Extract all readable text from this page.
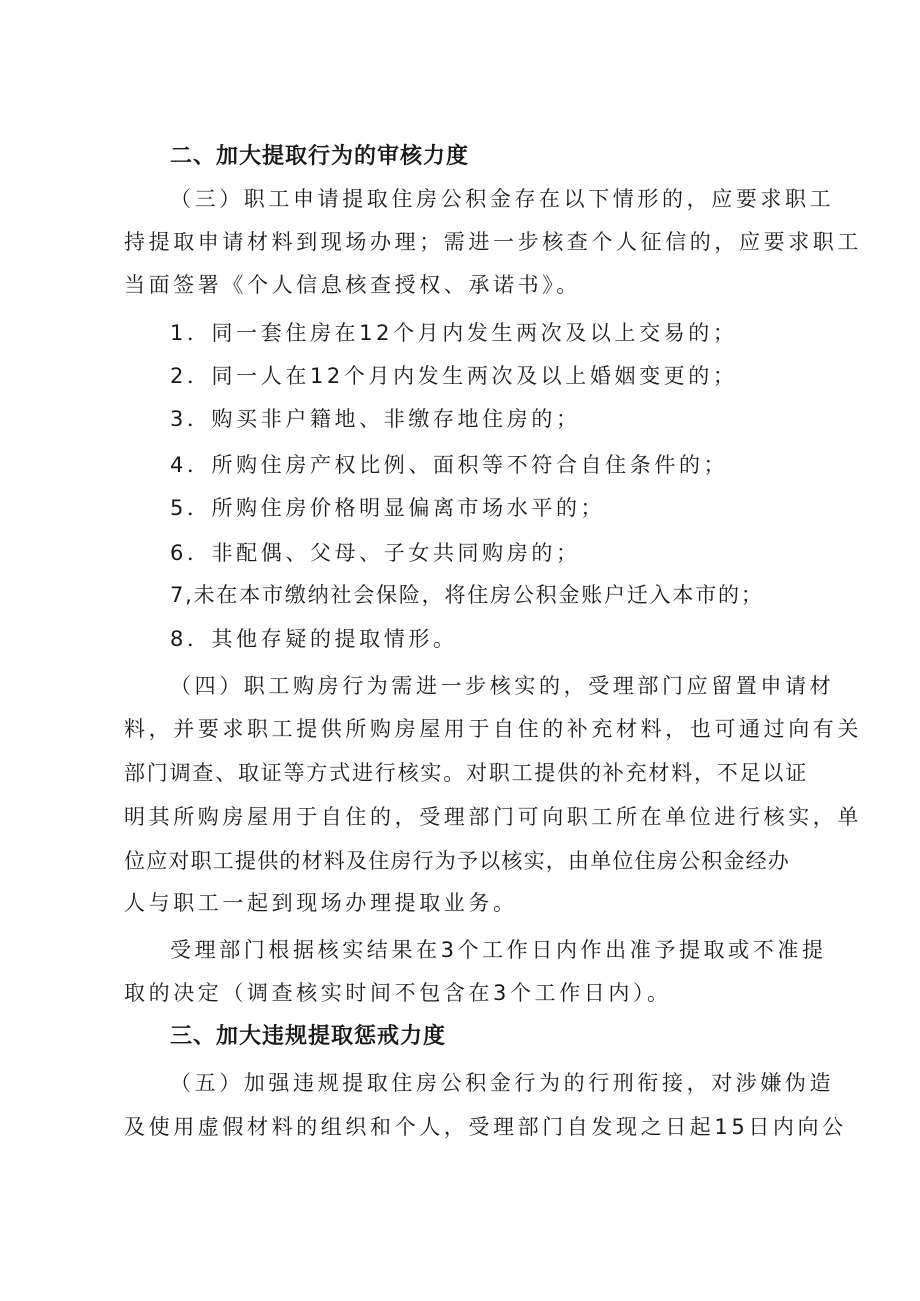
二、加大提取行为的审核力度
（三）职工申请提取住房公积金存在以下情形的，应要求职工
持提取申请材料到现场办理；需进一步核查个人征信的，应要求职工
当面签署《个人信息核查授权、承诺书》。
1．同一套住房在12个月内发生两次及以上交易的；
2．同一人在12个月内发生两次及以上婚姻变更的；
3．购买非户籍地、非缴存地住房的；
4．所购住房产权比例、面积等不符合自住条件的；
5．所购住房价格明显偏离市场水平的；
6．非配偶、父母、子女共同购房的；
7,未在本市缴纳社会保险，将住房公积金账户迁入本市的；
8．其他存疑的提取情形。
（四）职工购房行为需进一步核实的，受理部门应留置申请材
料，并要求职工提供所购房屋用于自住的补充材料，也可通过向有关
部门调查、取证等方式进行核实。对职工提供的补充材料，不足以证
明其所购房屋用于自住的，受理部门可向职工所在单位进行核实，单
位应对职工提供的材料及住房行为予以核实，由单位住房公积金经办
人与职工一起到现场办理提取业务。
受理部门根据核实结果在3个工作日内作出准予提取或不准提
取的决定（调查核实时间不包含在3个工作日内）。
三、加大违规提取惩戒力度
（五）加强违规提取住房公积金行为的行刑衔接，对涉嫌伪造
及使用虚假材料的组织和个人，受理部门自发现之日起15日内向公
